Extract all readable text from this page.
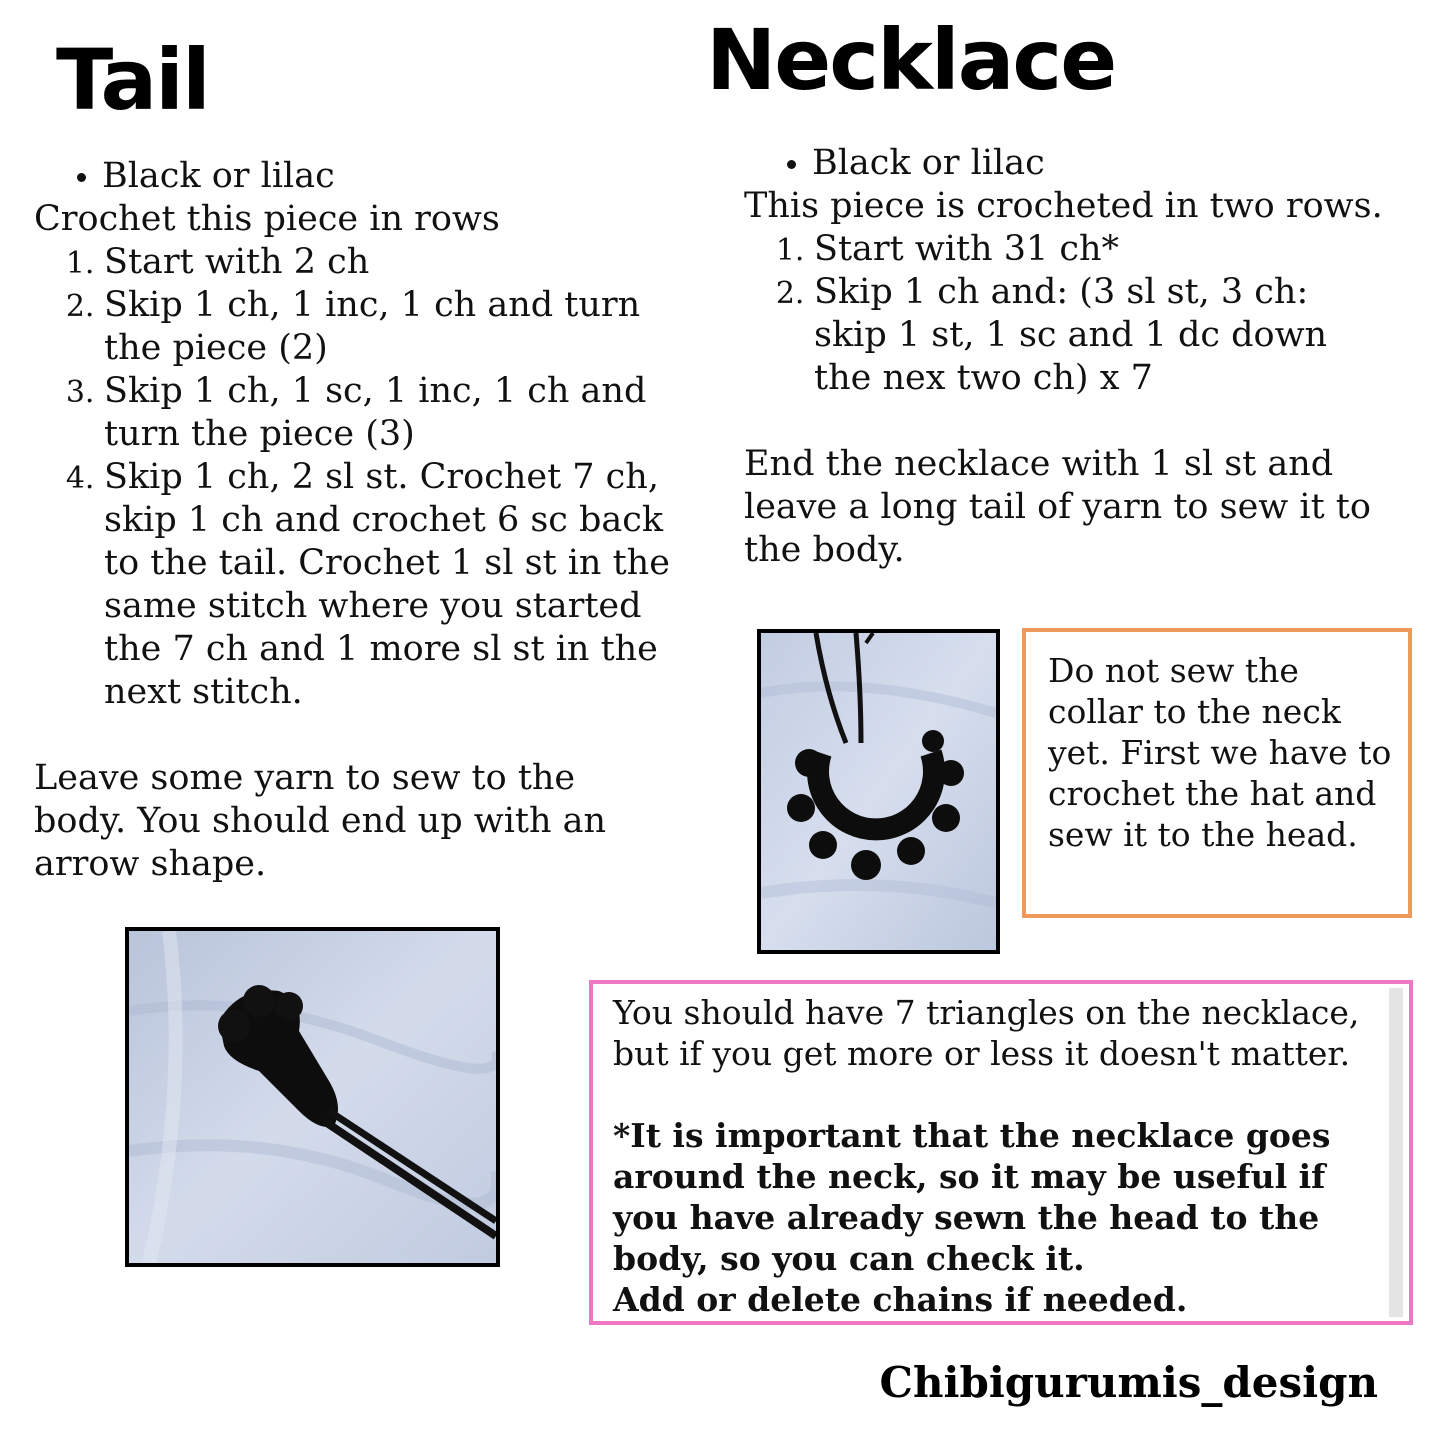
Tail	Necklace
• Black or lilac

Crochet this piece in rows

1. Start with 2 ch
2. Skip 1 ch, 1 inc, 1 ch and turn the piece (2)
3. Skip 1 ch, 1 sc, 1 inc, 1 ch and turn the piece (3)
4. Skip 1 ch, 2 sl st. Crochet 7 ch, skip 1 ch and crochet 6 sc back to the tail. Crochet 1 sl st in the same stitch where you started the 7 ch and 1 more sl st in the next stitch.

Leave some yarn to sew to the body. You should end up with an arrow shape.

• Black or lilac

This piece is crocheted in two rows.

1. Start with 31 ch*
2. Skip 1 ch and: (3 sl st, 3 ch: skip 1 st, 1 sc and 1 dc down the nex two ch) x 7

End the necklace with 1 sl st and leave a long tail of yarn to sew it to the body.

Do not sew the collar to the neck yet. First we have to crochet the hat and sew it to the head.

You should have 7 triangles on the necklace, but if you get more or less it doesn't matter.

*It is important that the necklace goes around the neck, so it may be useful if you have already sewn the head to the body, so you can check it.

Add or delete chains if needed.

Chibigurumis_design
